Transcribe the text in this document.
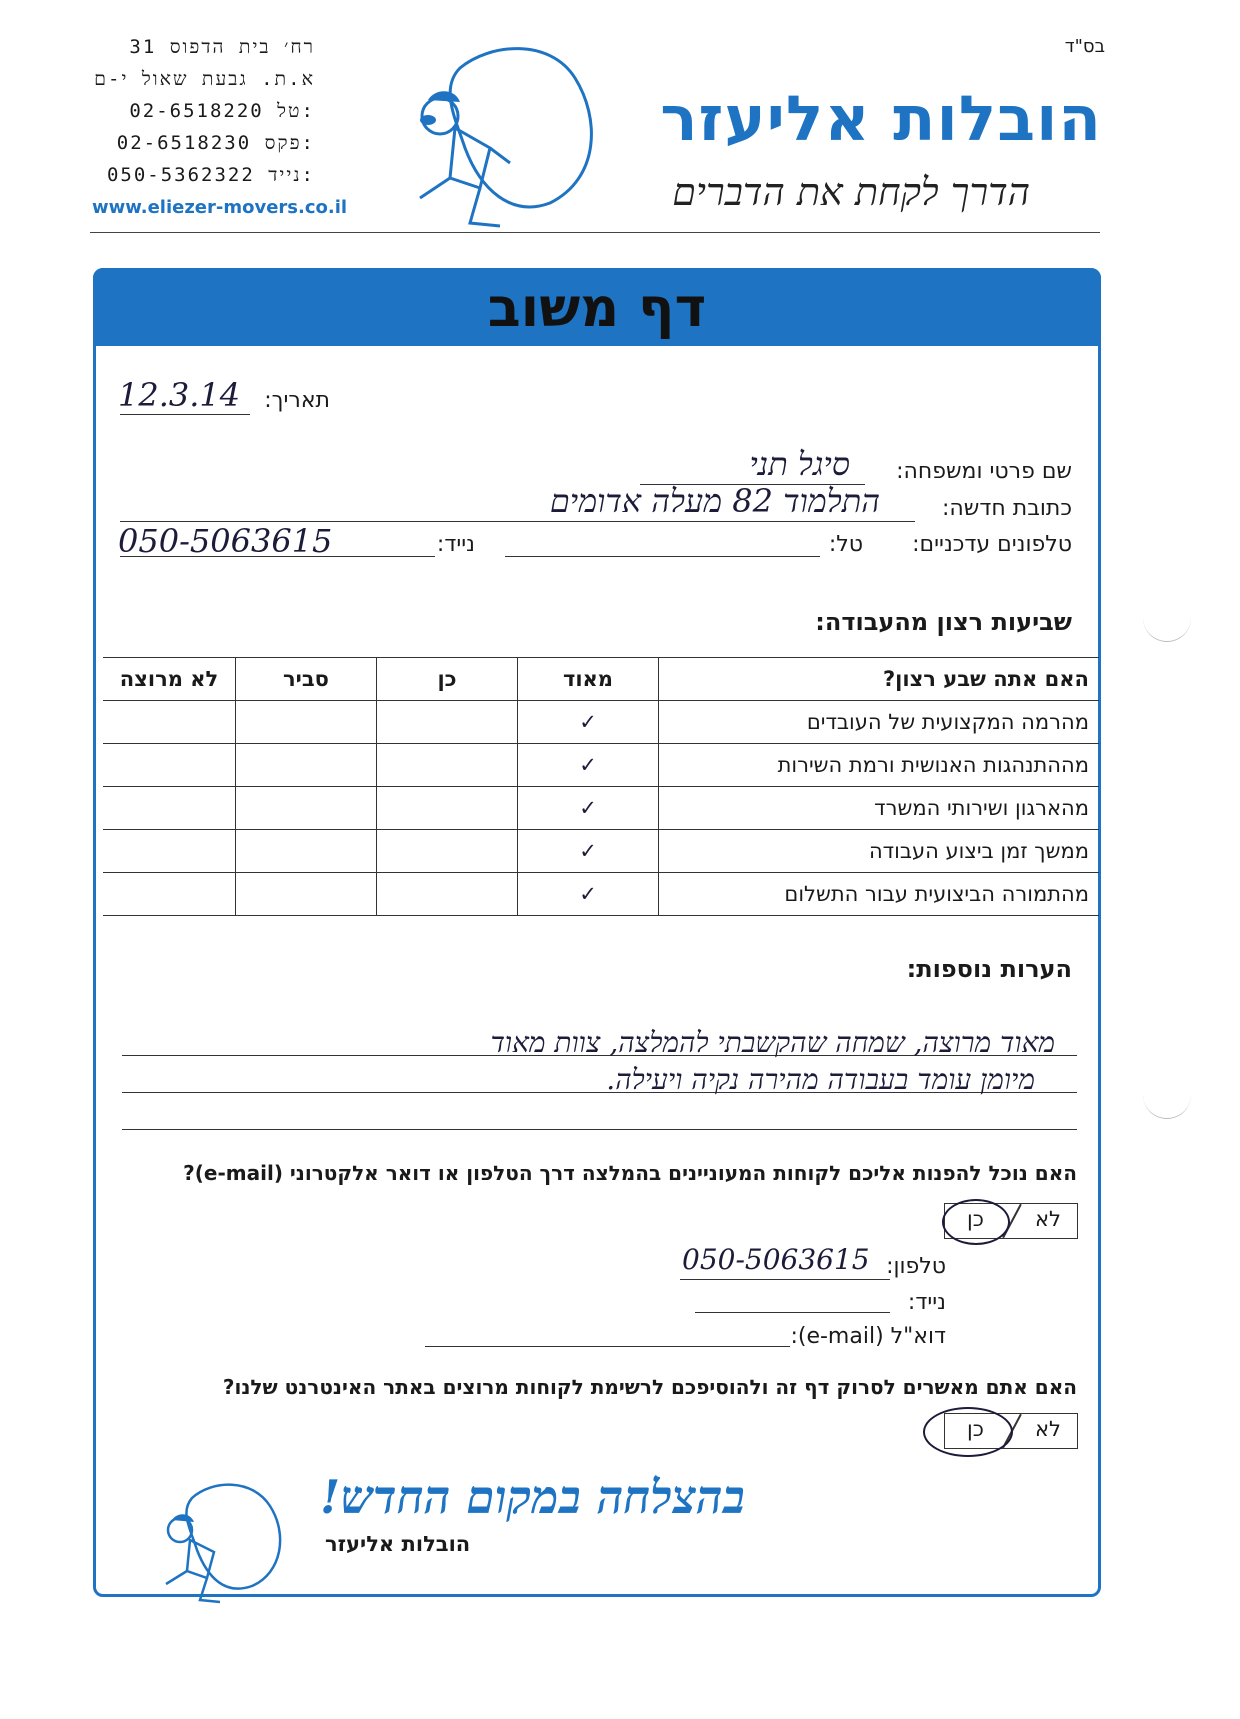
בס"ד
רח׳ בית הדפוס 31
א.ת. גבעת שאול י-ם
02-6518220 טל:
02-6518230 פקס:
050-5362322 נייד:
www.eliezer-movers.co.il
הובלות אליעזר
הדרך לקחת את הדברים
דף משוב
תאריך:
12.3.14
שם פרטי ומשפחה:
סיגל תני
כתובת חדשה:
התלמוד 82 מעלה אדומים
טלפונים עדכניים:
טל:
נייד:
050-5063615
שביעות רצון מהעבודה:
לא מרוצה	סביר	כן	מאוד	האם אתה שבע רצון?
			✓	מהרמה המקצועית של העובדים
			✓	מההתנהגות האנושית ורמת השירות
			✓	מהארגון ושירותי המשרד
			✓	ממשך זמן ביצוע העבודה
			✓	מהתמורה הביצועית עבור התשלום
הערות נוספות:
מאוד מרוצה, שמחה שהקשבתי להמלצה, צוות מאוד
מיומן עומד בעבודה מהירה נקיה ויעילה.
האם נוכל להפנות אליכם לקוחות המעוניינים בהמלצה דרך הטלפון או דואר אלקטרוני (e-mail)?
לא
כן
טלפון:
050-5063615
נייד:
דוא"ל (e-mail):
האם אתם מאשרים לסרוק דף זה ולהוסיפכם לרשימת לקוחות מרוצים באתר האינטרנט שלנו?
לא
כן
בהצלחה במקום החדש!
הובלות אליעזר
